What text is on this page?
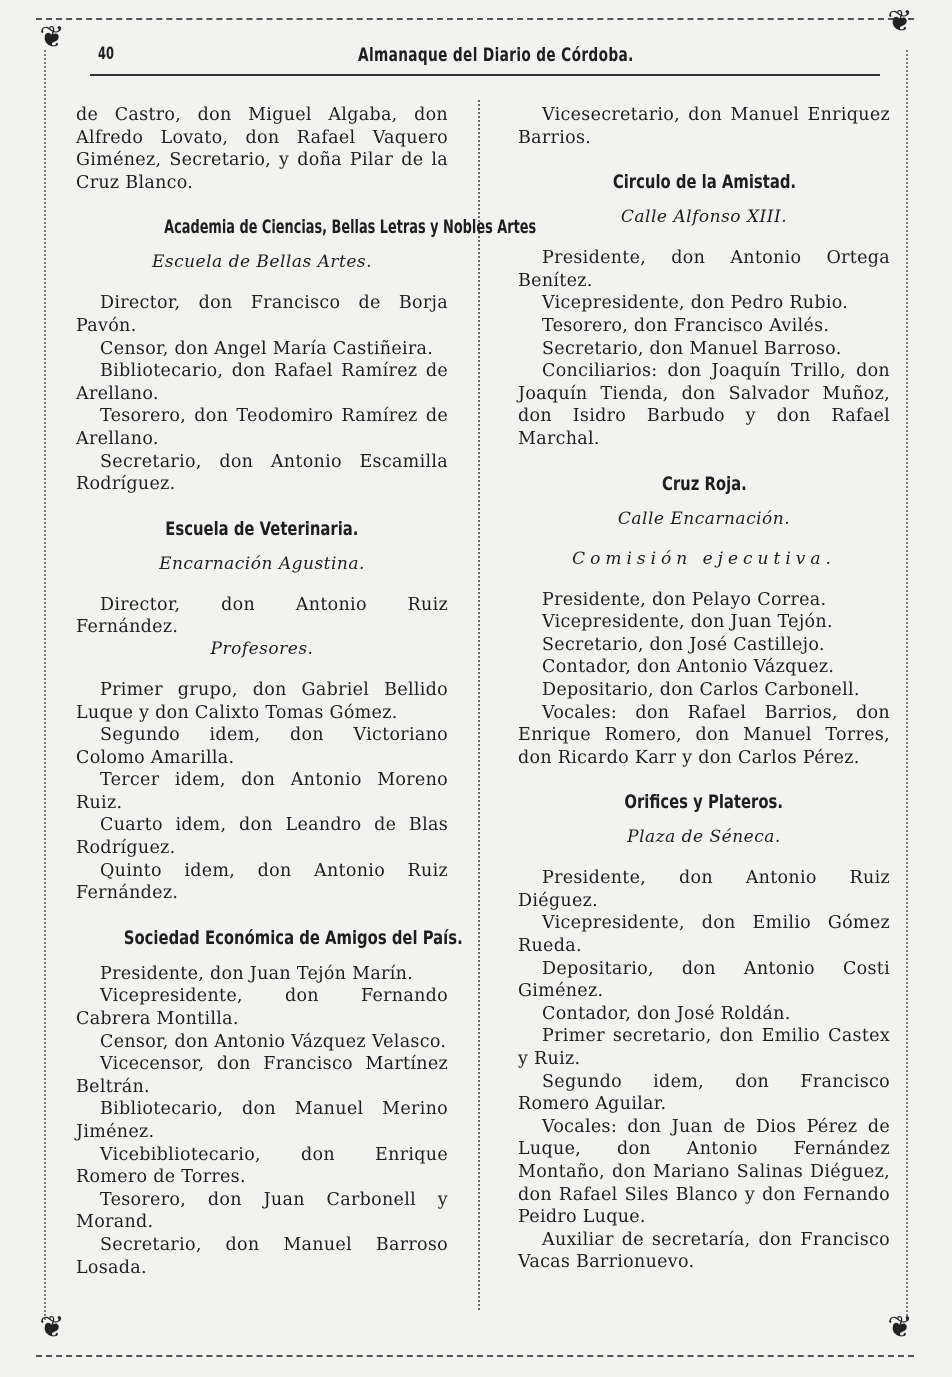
❦	❦
❦	❦
40	Almanaque del Diario de Córdoba.
de Castro, don Miguel Algaba, don Alfredo Lovato, don Rafael Vaquero Giménez, Secretario, y doña Pilar de la Cruz Blanco.
Academia de Ciencias, Bellas Letras y Nobles Artes
Escuela de Bellas Artes.
Director, don Francisco de Borja Pavón.
Censor, don Angel María Castiñeira.
Bibliotecario, don Rafael Ramírez de Arellano.
Tesorero, don Teodomiro Ramírez de Arellano.
Secretario, don Antonio Escamilla Rodríguez.
Escuela de Veterinaria.
Encarnación Agustina.
Director, don Antonio Ruiz Fernández.
Profesores.
Primer grupo, don Gabriel Bellido Luque y don Calixto Tomas Gómez.
Segundo idem, don Victoriano Colomo Amarilla.
Tercer idem, don Antonio Moreno Ruiz.
Cuarto idem, don Leandro de Blas Rodríguez.
Quinto idem, don Antonio Ruiz Fernández.
Sociedad Económica de Amigos del País.
Presidente, don Juan Tejón Marín.
Vicepresidente, don Fernando Cabrera Montilla.
Censor, don Antonio Vázquez Velasco.
Vicecensor, don Francisco Martínez Beltrán.
Bibliotecario, don Manuel Merino Jiménez.
Vicebibliotecario, don Enrique Romero de Torres.
Tesorero, don Juan Carbonell y Morand.
Secretario, don Manuel Barroso Losada.
Vicesecretario, don Manuel Enriquez Barrios.
Circulo de la Amistad.
Calle Alfonso XIII.
Presidente, don Antonio Ortega Benítez.
Vicepresidente, don Pedro Rubio.
Tesorero, don Francisco Avilés.
Secretario, don Manuel Barroso.
Conciliarios: don Joaquín Trillo, don Joaquín Tienda, don Salvador Muñoz, don Isidro Barbudo y don Rafael Marchal.
Cruz Roja.
Calle Encarnación.
Comisión ejecutiva.
Presidente, don Pelayo Correa.
Vicepresidente, don Juan Tejón.
Secretario, don José Castillejo.
Contador, don Antonio Vázquez.
Depositario, don Carlos Carbonell.
Vocales: don Rafael Barrios, don Enrique Romero, don Manuel Torres, don Ricardo Karr y don Carlos Pérez.
Orifices y Plateros.
Plaza de Séneca.
Presidente, don Antonio Ruiz Diéguez.
Vicepresidente, don Emilio Gómez Rueda.
Depositario, don Antonio Costi Giménez.
Contador, don José Roldán.
Primer secretario, don Emilio Castex y Ruiz.
Segundo idem, don Francisco Romero Aguilar.
Vocales: don Juan de Dios Pérez de Luque, don Antonio Fernández Montaño, don Mariano Salinas Diéguez, don Rafael Siles Blanco y don Fernando Peidro Luque.
Auxiliar de secretaría, don Francisco Vacas Barrionuevo.
